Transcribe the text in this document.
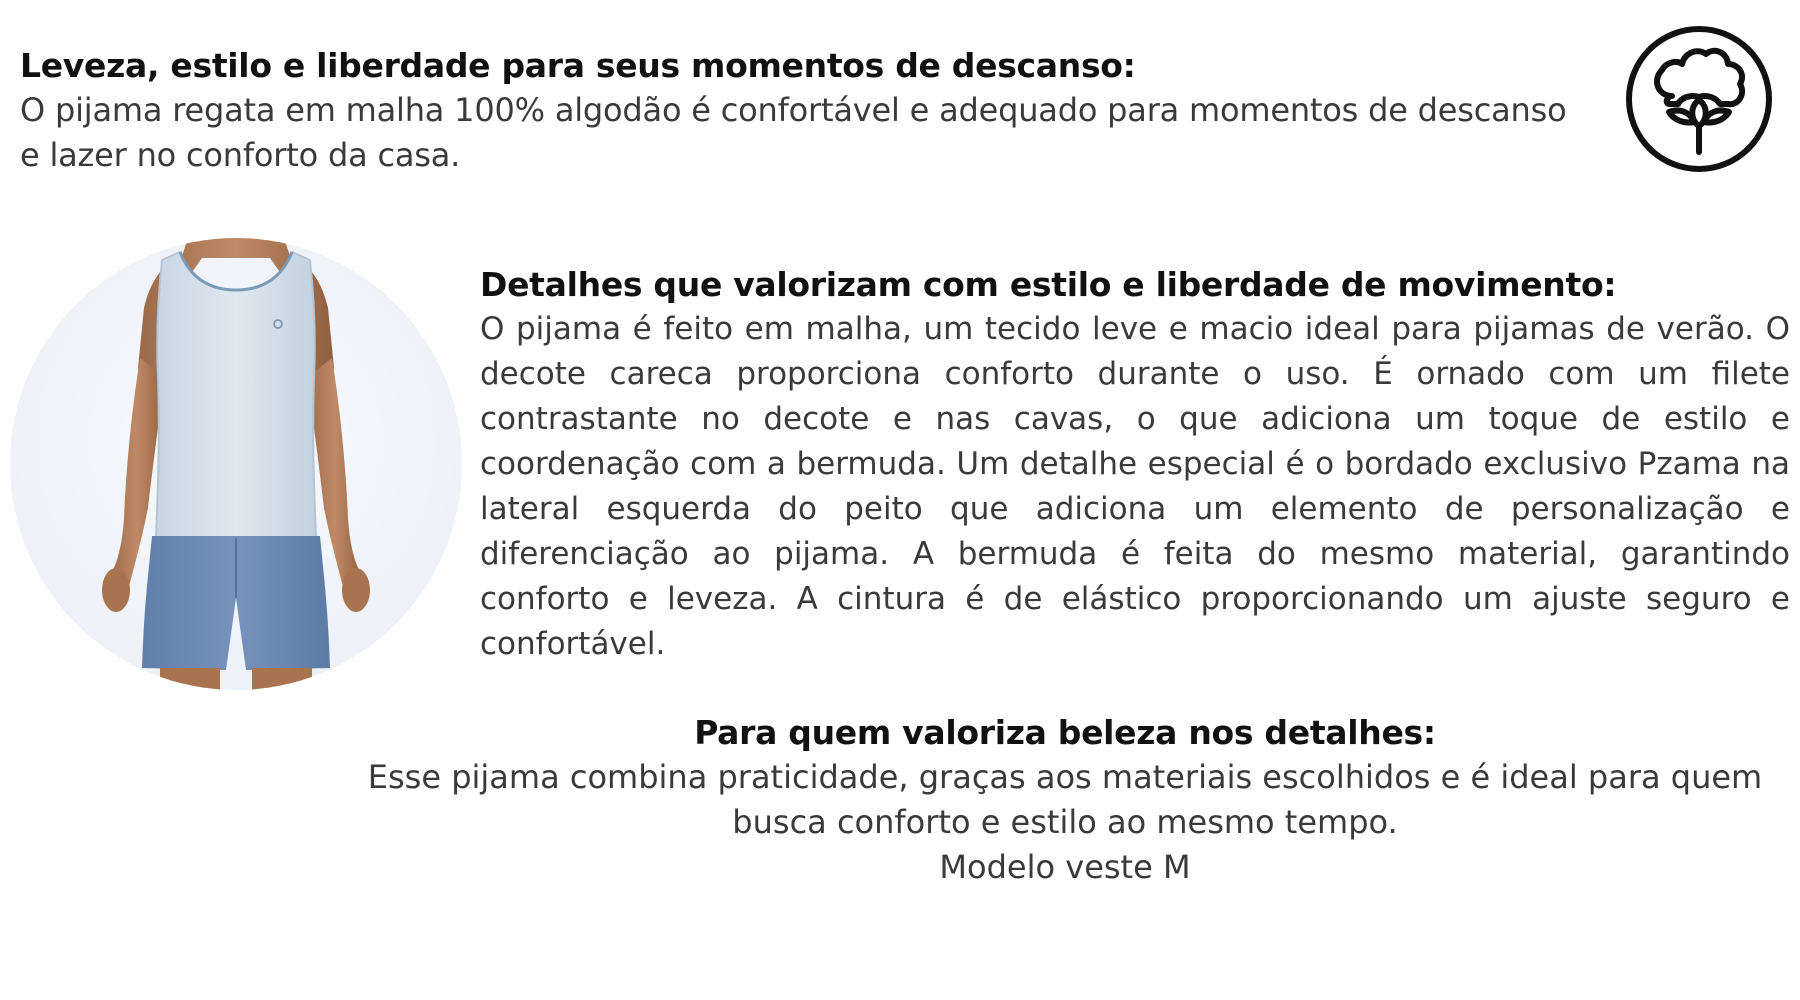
Leveza, estilo e liberdade para seus momentos de descanso:

O pijama regata em malha 100% algodão é confortável e adequado para momentos de descanso e lazer no conforto da casa.

Detalhes que valorizam com estilo e liberdade de movimento:

O pijama é feito em malha, um tecido leve e macio ideal para pijamas de verão. O decote careca proporciona conforto durante o uso. É ornado com um filete contrastante no decote e nas cavas, o que adiciona um toque de estilo e coordenação com a bermuda. Um detalhe especial é o bordado exclusivo Pzama na lateral esquerda do peito que adiciona um elemento de personalização e diferenciação ao pijama. A bermuda é feita do mesmo material, garantindo conforto e leveza. A cintura é de elástico proporcionando um ajuste seguro e confortável.

Para quem valoriza beleza nos detalhes:

Esse pijama combina praticidade, graças aos materiais escolhidos e é ideal para quem busca conforto e estilo ao mesmo tempo.

Modelo veste M
